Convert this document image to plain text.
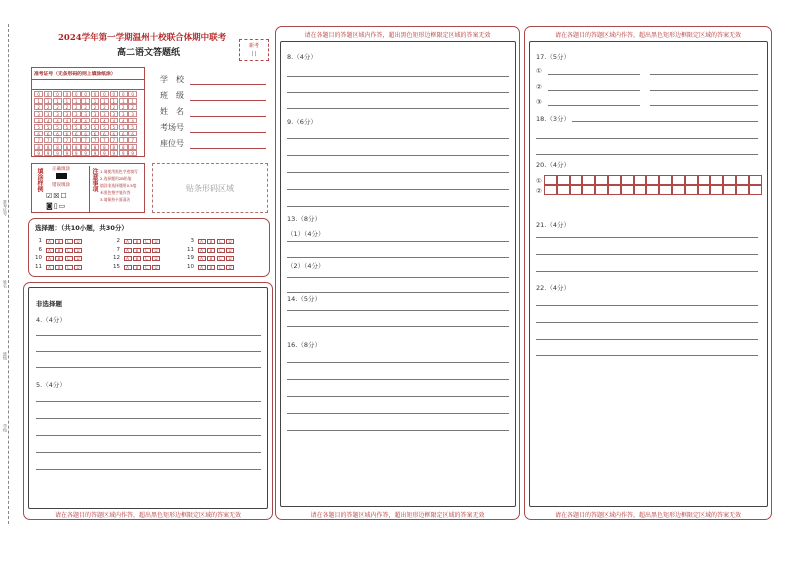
准考证号
姓名
班级
学校
2024学年第一学期温州十校联合体期中联考
新考
| |
高二语文答题纸
准考证号（无条形码的则上填涂纸涂）
0	0	0	0	0	0	0	0	0	0	0
1	1	1	1	1	1	1	1	1	1	1
2	2	2	2	2	2	2	2	2	2	2
3	3	3	3	3	3	3	3	3	3	3
4	4	4	4	4	4	4	4	4	4	4
5	5	5	5	5	5	5	5	5	5	5
6	6	6	6	6	6	6	6	6	6	6
7	7	7	7	7	7	7	7	7	7	7
8	8	8	8	8	8	8	8	8	8	8
9	9	9	9	9	9	9	9	9	9	9
学　校
班　级
姓　名
考场号
座位号
填涂样例 正确填涂
错误填涂
☑☒☐
◙▯▭
注意事项 1.请使用黑色字迹填写
2.选择题用2B铅笔
填涂非选择题用0.5毫
米黑色签字笔作答
3.请保持卡面清洁
贴条形码区域
选择题：（共10小题，共30分）
1	A	B	C	D	2	A	B	C	D	3	A	B	C	D
6	A	B	C	D	7	A	B	C	D	11	A	B	C	D
10	A	B	C	D	12	A	B	C	D	19	A	B	C	D
11	A	B	C	D	15	A	B	C	D	10	A	B	C	D
非选择题
4.（4分）
5.（4分）
请在各题目的答题区域内作答，超出黑色矩形边框限定区域的答案无效
请在各题目的答题区域内作答，超出黑色矩形边框限定区域的答案无效
8.（4分）
9.（6分）
13.（8分）
（1）（4分）
（2）（4分）
14.（5分）
16.（8分）
请在各题目的答题区域内作答，超出矩形边框限定区域的答案无效
请在各题目的答题区域内作答，超出黑色矩形边框限定区域的答案无效
17.（5分）
①
②
③
18.（3分）
20.（4分）
①
②
21.（4分）
22.（4分）
请在各题目的答题区域内作答，超出黑色矩形边框限定区域的答案无效
